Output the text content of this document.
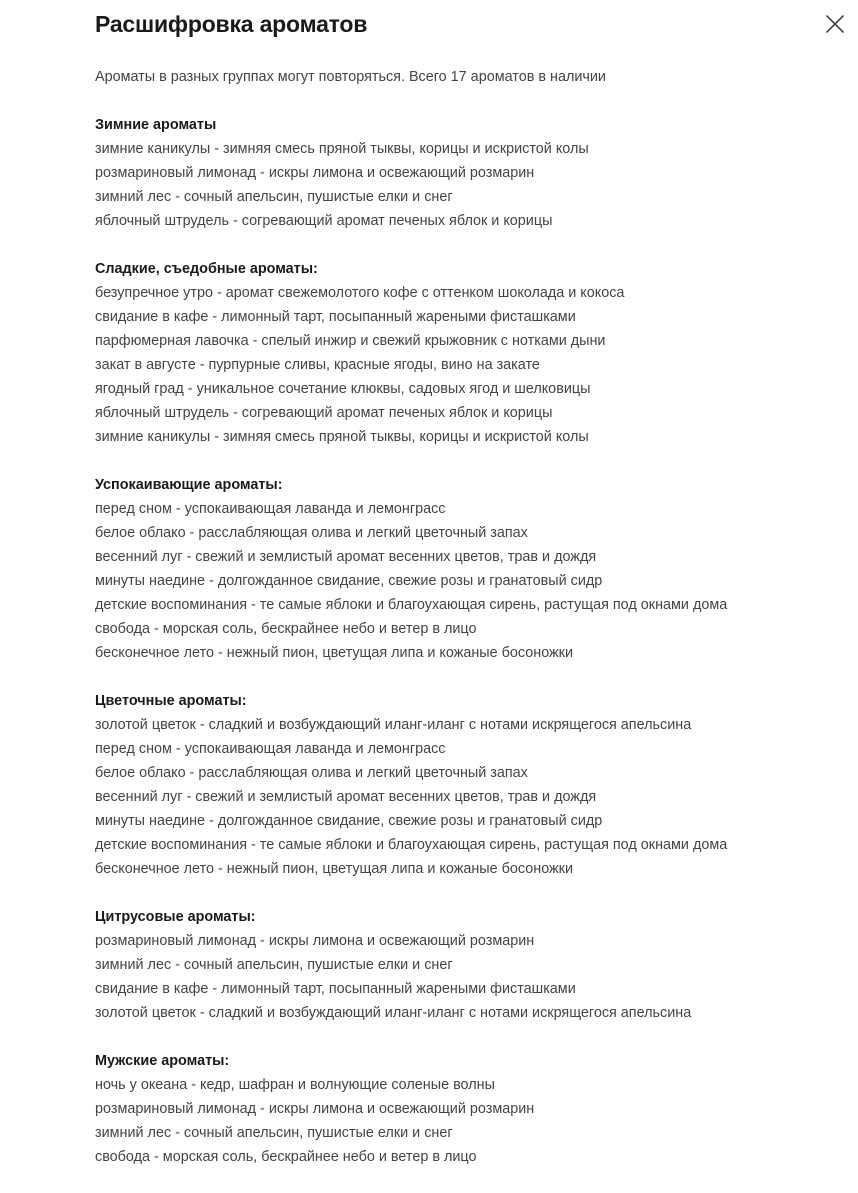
Расшифровка ароматов

Ароматы в разных группах могут повторяться. Всего 17 ароматов в наличии

Зимние ароматы
зимние каникулы - зимняя смесь пряной тыквы, корицы и искристой колы
розмариновый лимонад - искры лимона и освежающий розмарин
зимний лес - сочный апельсин, пушистые елки и снег
яблочный штрудель - согревающий аромат печеных яблок и корицы
Сладкие, съедобные ароматы:
безупречное утро - аромат свежемолотого кофе с оттенком шоколада и кокоса
свидание в кафе - лимонный тарт, посыпанный жареными фисташками
парфюмерная лавочка - спелый инжир и свежий крыжовник с нотками дыни
закат в августе - пурпурные сливы, красные ягоды, вино на закате
ягодный град - уникальное сочетание клюквы, садовых ягод и шелковицы
яблочный штрудель - согревающий аромат печеных яблок и корицы
зимние каникулы - зимняя смесь пряной тыквы, корицы и искристой колы
Успокаивающие ароматы:
перед сном - успокаивающая лаванда и лемонграсс
белое облако - расслабляющая олива и легкий цветочный запах
весенний луг - свежий и землистый аромат весенних цветов, трав и дождя
минуты наедине - долгожданное свидание, свежие розы и гранатовый сидр
детские воспоминания - те самые яблоки и благоухающая сирень, растущая под окнами дома
свобода - морская соль, бескрайнее небо и ветер в лицо
бесконечное лето - нежный пион, цветущая липа и кожаные босоножки
Цветочные ароматы:
золотой цветок - сладкий и возбуждающий иланг-иланг с нотами искрящегося апельсина
перед сном - успокаивающая лаванда и лемонграсс
белое облако - расслабляющая олива и легкий цветочный запах
весенний луг - свежий и землистый аромат весенних цветов, трав и дождя
минуты наедине - долгожданное свидание, свежие розы и гранатовый сидр
детские воспоминания - те самые яблоки и благоухающая сирень, растущая под окнами дома
бесконечное лето - нежный пион, цветущая липа и кожаные босоножки
Цитрусовые ароматы:
розмариновый лимонад - искры лимона и освежающий розмарин
зимний лес - сочный апельсин, пушистые елки и снег
свидание в кафе - лимонный тарт, посыпанный жареными фисташками
золотой цветок - сладкий и возбуждающий иланг-иланг с нотами искрящегося апельсина
Мужские ароматы:
ночь у океана - кедр, шафран и волнующие соленые волны
розмариновый лимонад - искры лимона и освежающий розмарин
зимний лес - сочный апельсин, пушистые елки и снег
свобода - морская соль, бескрайнее небо и ветер в лицо
